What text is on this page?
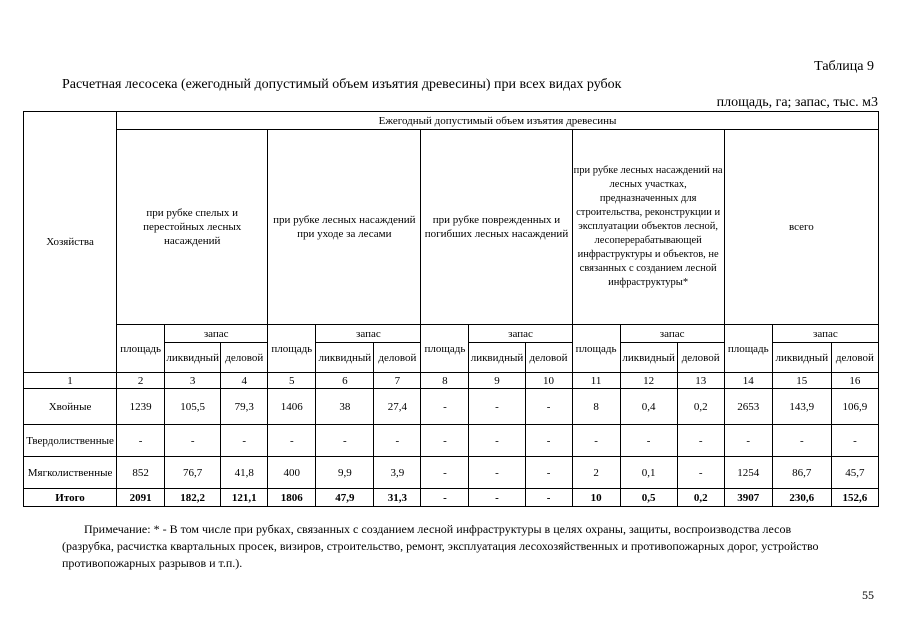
Таблица 9
Расчетная лесосека (ежегодный допустимый объем изъятия древесины) при всех видах рубок
площадь, га; запас, тыс. м3
Хозяйства	Ежегодный допустимый объем изъятия древесины														
	при рубке спелых и перестойных лесных насаждений			при рубке лесных насаждений при уходе за лесами			при рубке поврежденных и погибших лесных насаждений			при рубке лесных насаждений на лесных участках, предназначенных для строительства, реконструкции и эксплуатации объектов лесной, лесоперерабатывающей инфраструктуры и объектов, не связанных с созданием лесной инфраструктуры*			всего		
	площадь	запас		площадь	запас		площадь	запас		площадь	запас		площадь	запас	
		ликвидный	деловой		ликвидный	деловой		ликвидный	деловой		ликвидный	деловой		ликвидный	деловой
1	2	3	4	5	6	7	8	9	10	11	12	13	14	15	16
Хвойные	1239	105,5	79,3	1406	38	27,4	-	-	-	8	0,4	0,2	2653	143,9	106,9
Твердолиственные	-	-	-	-	-	-	-	-	-	-	-	-	-	-	-
Мягколиственные	852	76,7	41,8	400	9,9	3,9	-	-	-	2	0,1	-	1254	86,7	45,7
Итого	2091	182,2	121,1	1806	47,9	31,3	-	-	-	10	0,5	0,2	3907	230,6	152,6
Примечание: * - В том числе при рубках, связанных с созданием лесной инфраструктуры в целях охраны, защиты, воспроизводства лесов
(разрубка, расчистка квартальных просек, визиров, строительство, ремонт, эксплуатация лесохозяйственных и противопожарных дорог, устройство противопожарных разрывов и т.п.).
55
